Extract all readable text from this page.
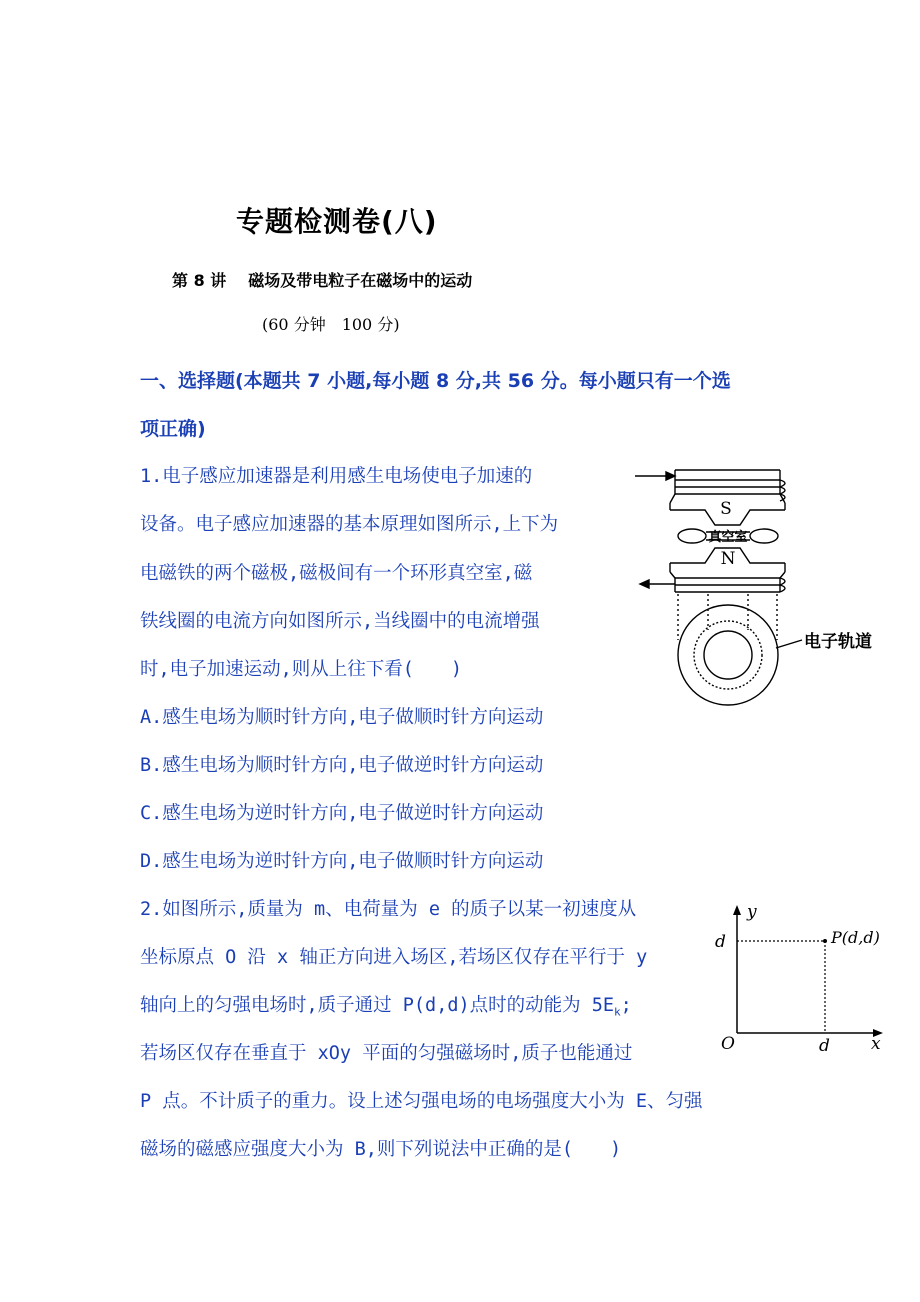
专题检测卷(八)
第 8 讲 磁场及带电粒子在磁场中的运动
(60 分钟　100 分)
一、选择题(本题共 7 小题,每小题 8 分,共 56 分。每小题只有一个选
项正确)
1.电子感应加速器是利用感生电场使电子加速的
设备。电子感应加速器的基本原理如图所示,上下为
电磁铁的两个磁极,磁极间有一个环形真空室,磁
铁线圈的电流方向如图所示,当线圈中的电流增强
时,电子加速运动,则从上往下看(　　)
A.感生电场为顺时针方向,电子做顺时针方向运动
B.感生电场为顺时针方向,电子做逆时针方向运动
C.感生电场为逆时针方向,电子做逆时针方向运动
D.感生电场为逆时针方向,电子做顺时针方向运动
S
真空室
N
电子轨道
2.如图所示,质量为 m、电荷量为 e 的质子以某一初速度从
坐标原点 O 沿 x 轴正方向进入场区,若场区仅存在平行于 y
轴向上的匀强电场时,质子通过 P(d,d)点时的动能为 $5E_k$;
若场区仅存在垂直于 xOy 平面的匀强磁场时,质子也能通过
P 点。不计质子的重力。设上述匀强电场的电场强度大小为 E、匀强
磁场的磁感应强度大小为 B,则下列说法中正确的是(　　)
y
x
O	d
d	P(d,d)
